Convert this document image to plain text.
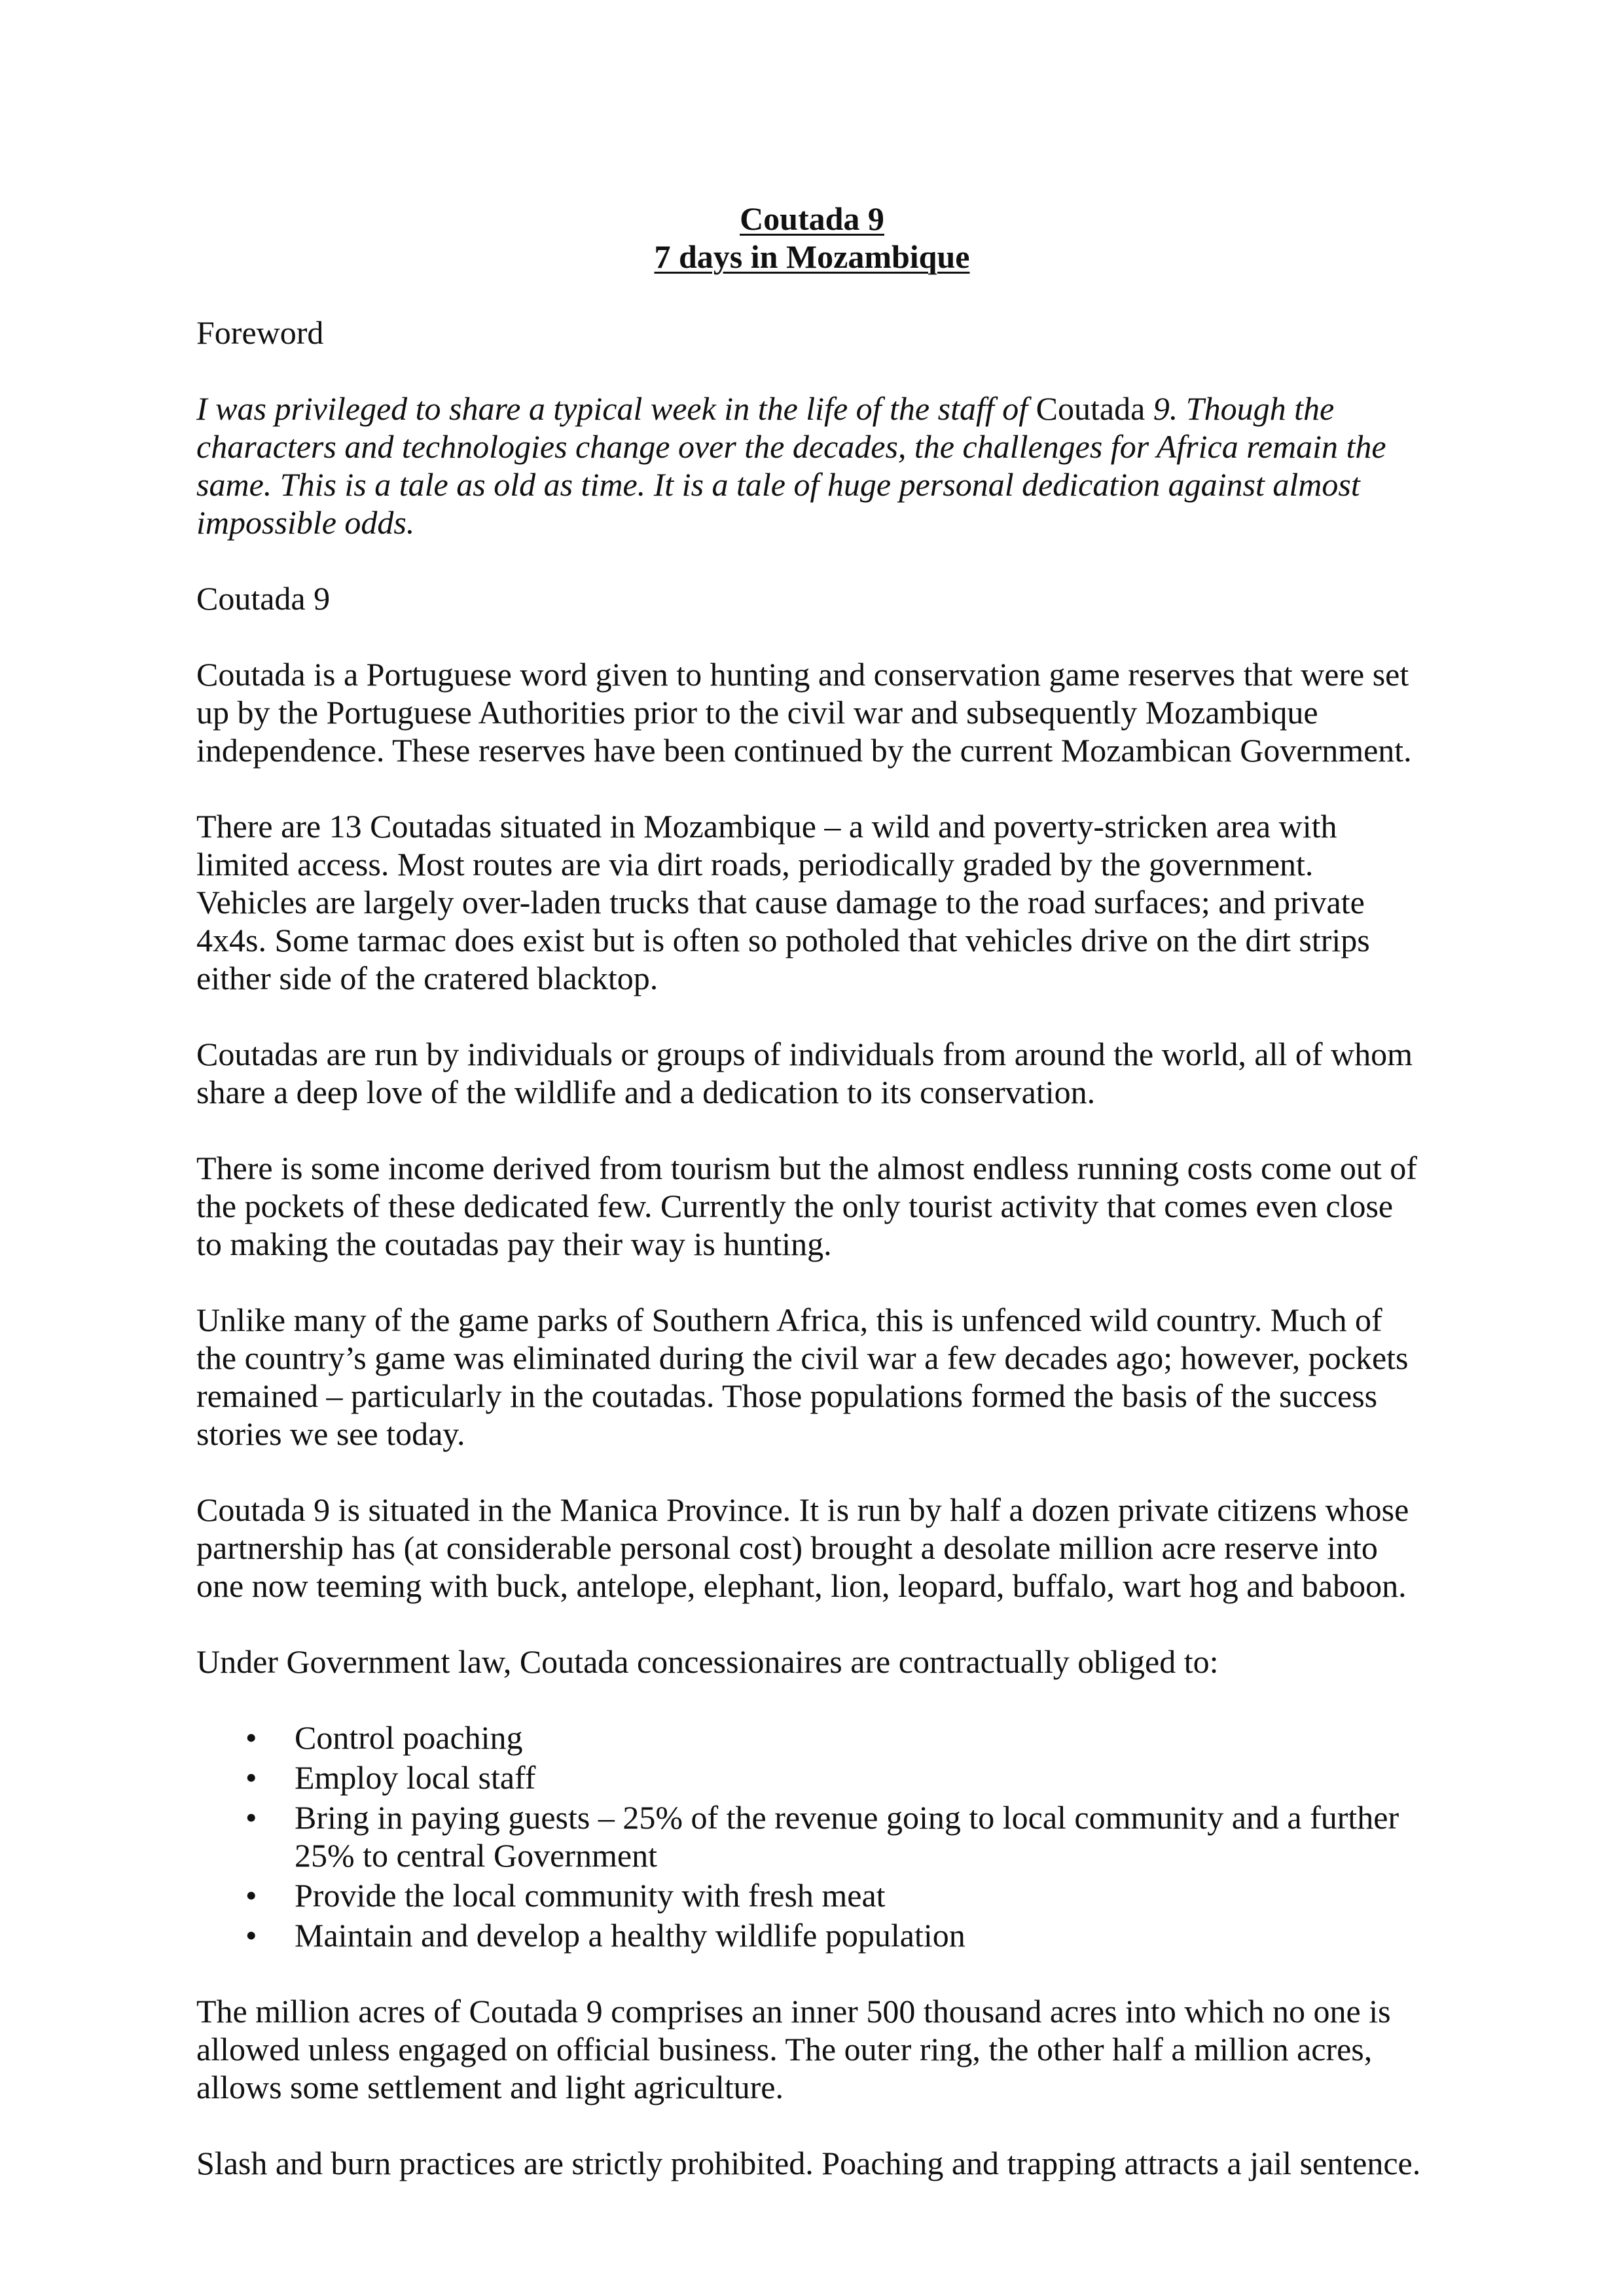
Coutada 9
7 days in Mozambique
Foreword
I was privileged to share a typical week in the life of the staff of Coutada 9. Though the
characters and technologies change over the decades, the challenges for Africa remain the
same. This is a tale as old as time. It is a tale of huge personal dedication against almost
impossible odds.
Coutada 9
Coutada is a Portuguese word given to hunting and conservation game reserves that were set
up by the Portuguese Authorities prior to the civil war and subsequently Mozambique
independence. These reserves have been continued by the current Mozambican Government.
There are 13 Coutadas situated in Mozambique – a wild and poverty-stricken area with
limited access. Most routes are via dirt roads, periodically graded by the government.
Vehicles are largely over-laden trucks that cause damage to the road surfaces; and private
4x4s. Some tarmac does exist but is often so potholed that vehicles drive on the dirt strips
either side of the cratered blacktop.
Coutadas are run by individuals or groups of individuals from around the world, all of whom
share a deep love of the wildlife and a dedication to its conservation.
There is some income derived from tourism but the almost endless running costs come out of
the pockets of these dedicated few. Currently the only tourist activity that comes even close
to making the coutadas pay their way is hunting.
Unlike many of the game parks of Southern Africa, this is unfenced wild country. Much of
the country’s game was eliminated during the civil war a few decades ago; however, pockets
remained – particularly in the coutadas. Those populations formed the basis of the success
stories we see today.
Coutada 9 is situated in the Manica Province. It is run by half a dozen private citizens whose
partnership has (at considerable personal cost) brought a desolate million acre reserve into
one now teeming with buck, antelope, elephant, lion, leopard, buffalo, wart hog and baboon.
Under Government law, Coutada concessionaires are contractually obliged to:
• Control poaching
• Employ local staff
• Bring in paying guests – 25% of the revenue going to local community and a further
25% to central Government
• Provide the local community with fresh meat
• Maintain and develop a healthy wildlife population
The million acres of Coutada 9 comprises an inner 500 thousand acres into which no one is
allowed unless engaged on official business. The outer ring, the other half a million acres,
allows some settlement and light agriculture.
Slash and burn practices are strictly prohibited. Poaching and trapping attracts a jail sentence.
